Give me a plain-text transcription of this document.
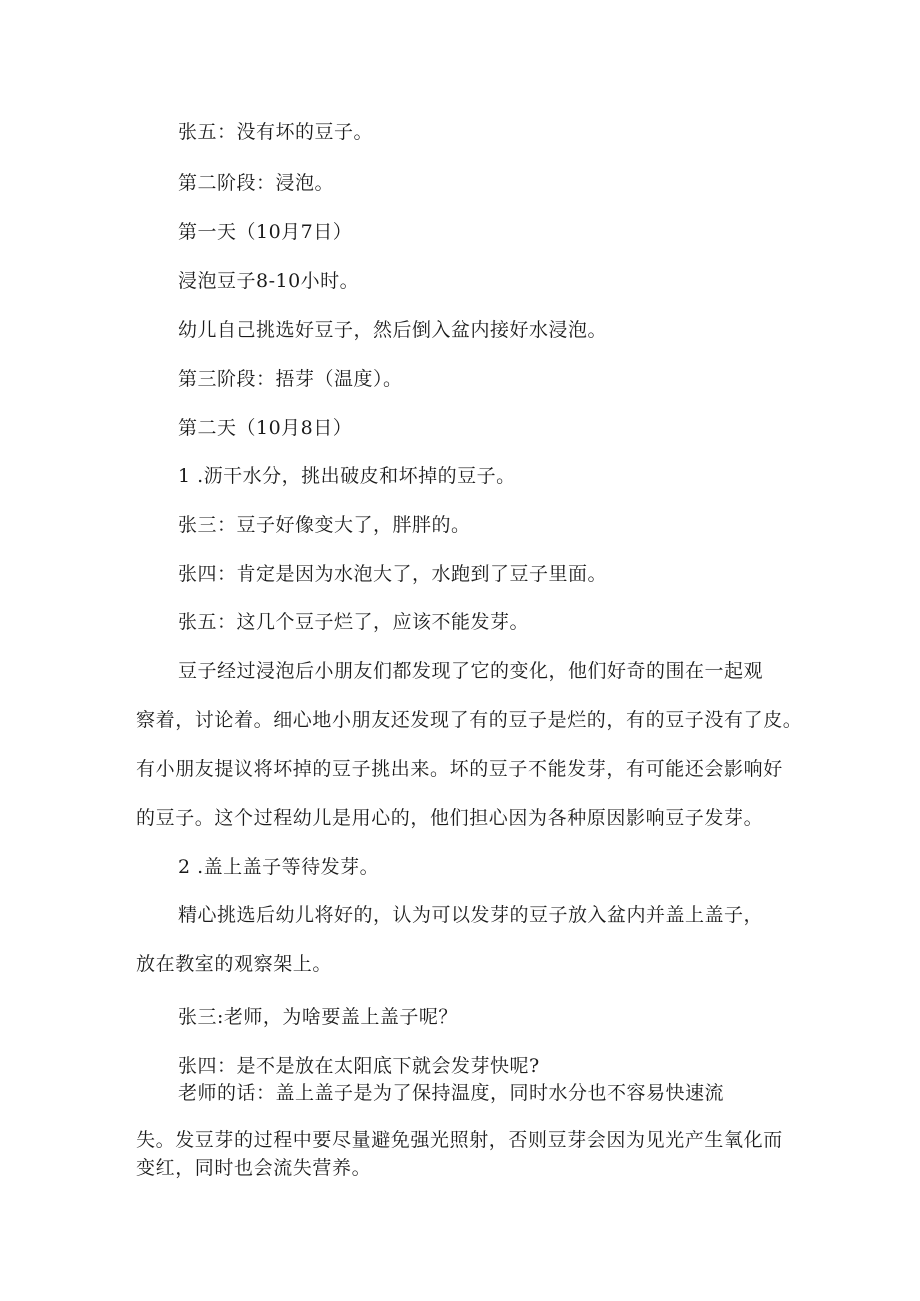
张五：没有坏的豆子。
第二阶段：浸泡。
第一天（10月7日）
浸泡豆子8-10小时。
幼儿自己挑选好豆子，然后倒入盆内接好水浸泡。
第三阶段：捂芽（温度）。
第二天（10月8日）
1 .沥干水分，挑出破皮和坏掉的豆子。
张三：豆子好像变大了，胖胖的。
张四：肯定是因为水泡大了，水跑到了豆子里面。
张五：这几个豆子烂了，应该不能发芽。
豆子经过浸泡后小朋友们都发现了它的变化，他们好奇的围在一起观
察着，讨论着。细心地小朋友还发现了有的豆子是烂的，有的豆子没有了皮。
有小朋友提议将坏掉的豆子挑出来。坏的豆子不能发芽，有可能还会影响好
的豆子。这个过程幼儿是用心的，他们担心因为各种原因影响豆子发芽。
2 .盖上盖子等待发芽。
精心挑选后幼儿将好的，认为可以发芽的豆子放入盆内并盖上盖子，
放在教室的观察架上。
张三:老师，为啥要盖上盖子呢？
张四：是不是放在太阳底下就会发芽快呢?
老师的话：盖上盖子是为了保持温度，同时水分也不容易快速流
失。发豆芽的过程中要尽量避免强光照射，否则豆芽会因为见光产生氧化而
变红，同时也会流失营养。
